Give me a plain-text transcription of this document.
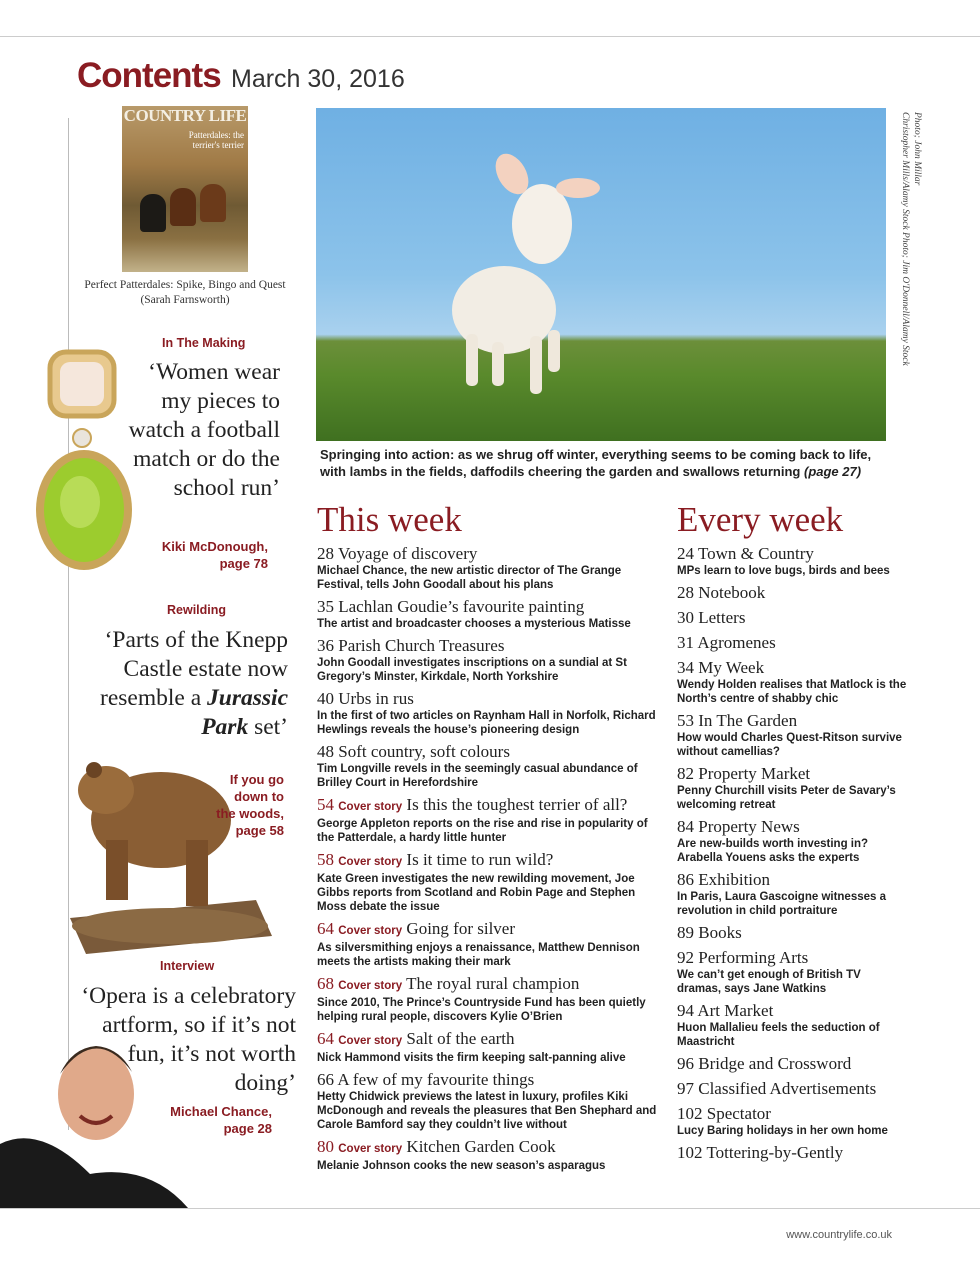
Contents March 30, 2016
COUNTRY LIFE
Patterdales: the terrier's terrier
Perfect Patterdales: Spike, Bingo and Quest
(Sarah Farnsworth)
In The Making
‘Women wear my pieces to watch a football match or do the school run’
Kiki McDonough,
page 78
Rewilding
‘Parts of the Knepp Castle estate now resemble a Jurassic Park set’
If you go
down to
the woods,
page 58
Interview
‘Opera is a celebratory artform, so if it’s not fun, it’s not worth doing’
Michael Chance,
page 28
Christopher Mills/Alamy Stock Photo; Jim O'Donnell/Alamy Stock Photo; John Millar
Springing into action: as we shrug off winter, everything seems to be coming back to life, with lambs in the fields, daffodils cheering the garden and swallows returning (page 27)
This week
28 Voyage of discovery
Michael Chance, the new artistic director of The Grange Festival, tells John Goodall about his plans
35 Lachlan Goudie’s favourite painting
The artist and broadcaster chooses a mysterious Matisse
36 Parish Church Treasures
John Goodall investigates inscriptions on a sundial at St Gregory’s Minster, Kirkdale, North Yorkshire
40 Urbs in rus
In the first of two articles on Raynham Hall in Norfolk, Richard Hewlings reveals the house’s pioneering design
48 Soft country, soft colours
Tim Longville revels in the seemingly casual abundance of Brilley Court in Herefordshire
54 Cover story Is this the toughest terrier of all?
George Appleton reports on the rise and rise in popularity of the Patterdale, a hardy little hunter
58 Cover story Is it time to run wild?
Kate Green investigates the new rewilding movement, Joe Gibbs reports from Scotland and Robin Page and Stephen Moss debate the issue
64 Cover story Going for silver
As silversmithing enjoys a renaissance, Matthew Dennison meets the artists making their mark
68 Cover story The royal rural champion
Since 2010, The Prince’s Countryside Fund has been quietly helping rural people, discovers Kylie O’Brien
64 Cover story Salt of the earth
Nick Hammond visits the firm keeping salt-panning alive
66 A few of my favourite things
Hetty Chidwick previews the latest in luxury, profiles Kiki McDonough and reveals the pleasures that Ben Shephard and Carole Bamford say they couldn’t live without
80 Cover story Kitchen Garden Cook
Melanie Johnson cooks the new season’s asparagus
Every week
24 Town & Country
MPs learn to love bugs, birds and bees
28 Notebook
30 Letters
31 Agromenes
34 My Week
Wendy Holden realises that Matlock is the North’s centre of shabby chic
53 In The Garden
How would Charles Quest-Ritson survive without camellias?
82 Property Market
Penny Churchill visits Peter de Savary’s welcoming retreat
84 Property News
Are new-builds worth investing in? Arabella Youens asks the experts
86 Exhibition
In Paris, Laura Gascoigne witnesses a revolution in child portraiture
89 Books
92 Performing Arts
We can’t get enough of British TV dramas, says Jane Watkins
94 Art Market
Huon Mallalieu feels the seduction of Maastricht
96 Bridge and Crossword
97 Classified Advertisements
102 Spectator
Lucy Baring holidays in her own home
102 Tottering-by-Gently
www.countrylife.co.uk
